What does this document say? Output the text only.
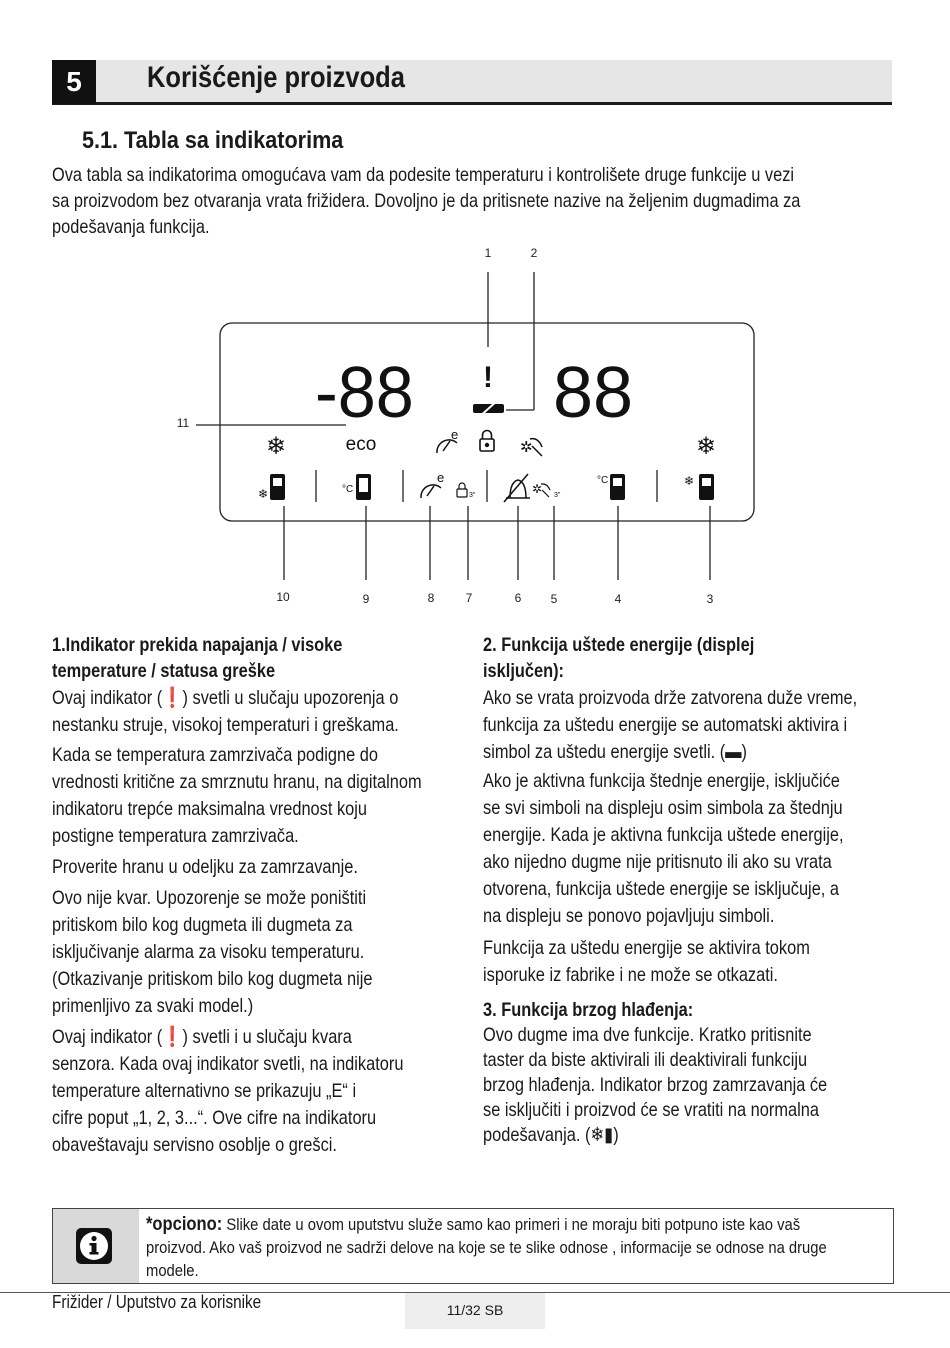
5	Korišćenje proizvoda
5.1. Tabla sa indikatorima
Ova tabla sa indikatorima omogućava vam da podesite temperaturu i kontrolišete druge funkcije u vezi
sa proizvodom bez otvaranja vrata frižidera. Dovoljno je da pritisnete nazive na željenim dugmadima za
podešavanja funkcija.
1	2
3
4
5
6
7
8
9
10
11 -88 88
!
❄	eco	e
✲	❄
❄	°C
e
3"	✲ 3"
°C	❄
1.Indikator prekida napajanja / visoke
temperature / statusa greške
Ovaj indikator (❗) svetli u slučaju upozorenja o
nestanku struje, visokoj temperaturi i greškama.
Kada se temperatura zamrzivača podigne do
vrednosti kritične za smrznutu hranu, na digitalnom
indikatoru trepće maksimalna vrednost koju
postigne temperatura zamrzivača.
Proverite hranu u odeljku za zamrzavanje.
Ovo nije kvar. Upozorenje se može poništiti
pritiskom bilo kog dugmeta ili dugmeta za
isključivanje alarma za visoku temperaturu.
(Otkazivanje pritiskom bilo kog dugmeta nije
primenljivo za svaki model.)
Ovaj indikator (❗) svetli i u slučaju kvara
senzora. Kada ovaj indikator svetli, na indikatoru
temperature alternativno se prikazuju „E“ i
cifre poput „1, 2, 3...“. Ove cifre na indikatoru
obaveštavaju servisno osoblje o grešci.
2. Funkcija uštede energije (displej
isključen):
Ako se vrata proizvoda drže zatvorena duže vreme,
funkcija za uštedu energije se automatski aktivira i
simbol za uštedu energije svetli. (▬)
Ako je aktivna funkcija štednje energije, isključiće
se svi simboli na displeju osim simbola za štednju
energije. Kada je aktivna funkcija uštede energije,
ako nijedno dugme nije pritisnuto ili ako su vrata
otvorena, funkcija uštede energije se isključuje, a
na displeju se ponovo pojavljuju simboli.
Funkcija za uštedu energije se aktivira tokom
isporuke iz fabrike i ne može se otkazati.
3. Funkcija brzog hlađenja:
Ovo dugme ima dve funkcije. Kratko pritisnite
taster da biste aktivirali ili deaktivirali funkciju
brzog hlađenja. Indikator brzog zamrzavanja će
se isključiti i proizvod će se vratiti na normalna
podešavanja. (❄▮)
*opciono: Slike date u ovom uputstvu služe samo kao primeri i ne moraju biti potpuno iste kao vaš
proizvod. Ako vaš proizvod ne sadrži delove na koje se te slike odnose , informacije se odnose na druge
modele.
Frižider / Uputstvo za korisnike	11/32 SB
